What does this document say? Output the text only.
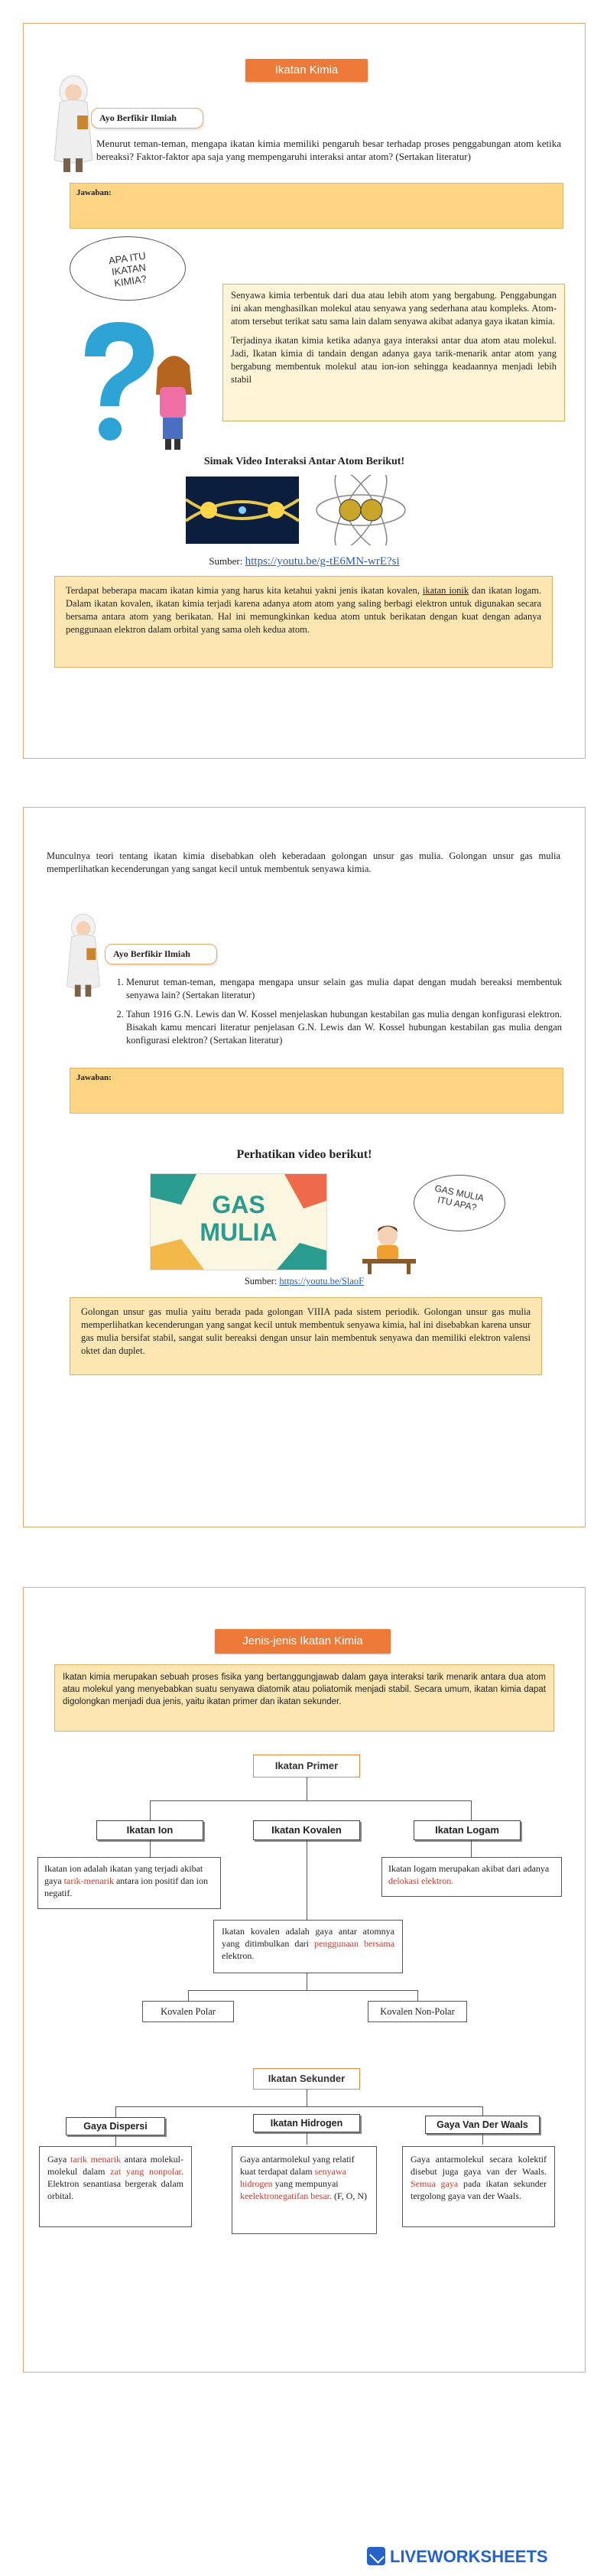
Ikatan Kimia
Ayo Berfikir Ilmiah
Menurut teman-teman, mengapa ikatan kimia memiliki pengaruh besar terhadap proses penggabungan atom ketika bereaksi? Faktor-faktor apa saja yang mempengaruhi interaksi antar atom? (Sertakan literatur)
Jawaban:
APA ITU IKATAN KIMIA?

Senyawa kimia terbentuk dari dua atau lebih atom yang bergabung. Penggabungan ini akan menghasilkan molekul atau senyawa yang sederhana atau kompleks. Atom-atom tersebut terikat satu sama lain dalam senyawa akibat adanya gaya ikatan kimia.

Terjadinya ikatan kimia ketika adanya gaya interaksi antar dua atom atau molekul. Jadi, Ikatan kimia di tandain dengan adanya gaya tarik-menarik antar atom yang bergabung membentuk molekul atau ion-ion sehingga keadaannya menjadi lebih stabil

Simak Video Interaksi Antar Atom Berikut!
Sumber: https://youtu.be/g-tE6MN-wrE?si
Terdapat beberapa macam ikatan kimia yang harus kita ketahui yakni jenis ikatan kovalen, ikatan ionik dan ikatan logam. Dalam ikatan kovalen, ikatan kimia terjadi karena adanya atom atom yang saling berbagi elektron untuk digunakan secara bersama antara atom yang berikatan. Hal ini memungkinkan kedua atom untuk berikatan dengan kuat dengan adanya penggunaan elektron dalam orbital yang sama oleh kedua atom.
Munculnya teori tentang ikatan kimia disebabkan oleh keberadaan golongan unsur gas mulia. Golongan unsur gas mulia memperlihatkan kecenderungan yang sangat kecil untuk membentuk senyawa kimia.
Ayo Berfikir Ilmiah
1. Menurut teman-teman, mengapa mengapa unsur selain gas mulia dapat dengan mudah bereaksi membentuk senyawa lain? (Sertakan literatur)
2. Tahun 1916 G.N. Lewis dan W. Kossel menjelaskan hubungan kestabilan gas mulia dengan konfigurasi elektron. Bisakah kamu mencari literatur penjelasan G.N. Lewis dan W. Kossel hubungan kestabilan gas mulia dengan konfigurasi elektron? (Sertakan literatur)
Jawaban:
Perhatikan video berikut!
GAS MULIA
GAS MULIA ITU APA?
Sumber: https://youtu.be/SlaoF
Golongan unsur gas mulia yaitu berada pada golongan VIIIA pada sistem periodik. Golongan unsur gas mulia memperlihatkan kecenderungan yang sangat kecil untuk membentuk senyawa kimia, hal ini disebabkan karena unsur gas mulia bersifat stabil, sangat sulit bereaksi dengan unsur lain membentuk senyawa dan memiliki elektron valensi oktet dan duplet.
Jenis-jenis Ikatan Kimia
Ikatan kimia merupakan sebuah proses fisika yang bertanggungjawab dalam gaya interaksi tarik menarik antara dua atom atau molekul yang menyebabkan suatu senyawa diatomik atau poliatomik menjadi stabil. Secara umum, ikatan kimia dapat digolongkan menjadi dua jenis, yaitu ikatan primer dan ikatan sekunder.
Ikatan Primer
Ikatan Ion	Ikatan Kovalen	Ikatan Logam
Ikatan ion adalah ikatan yang terjadi akibat gaya tarik-menarik antara ion positif dan ion negatif.
Ikatan logam merupakan akibat dari adanya delokasi elektron.
Ikatan kovalen adalah gaya antar atomnya yang ditimbulkan dari penggunaan bersama elektron.
Kovalen Polar	Kovalen Non-Polar
Ikatan Sekunder
Gaya Dispersi	Ikatan Hidrogen	Gaya Van Der Waals
Gaya tarik menarik antara molekul-molekul dalam zat yang nonpolar. Elektron senantiasa bergerak dalam orbital.
Gaya antarmolekul yang relatif kuat terdapat dalam senyawa hidrogen yang mempunyai keelektronegatifan besar. (F, O, N)
Gaya antarmolekul secara kolektif disebut juga gaya van der Waals. Semua gaya pada ikatan sekunder tergolong gaya van der Waals.
LIVEWORKSHEETS
